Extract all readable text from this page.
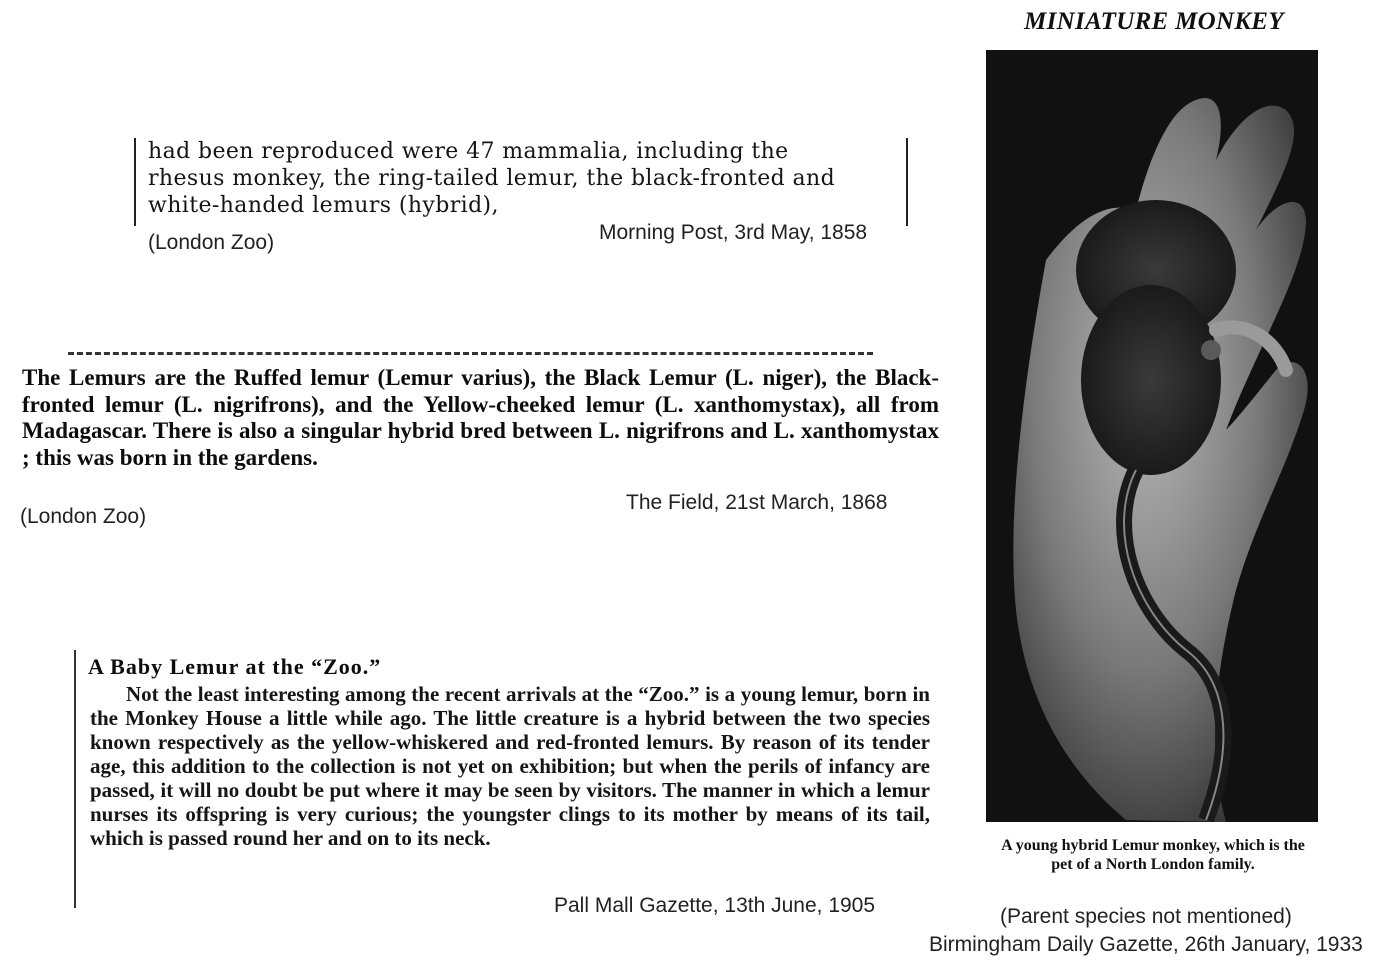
had been reproduced were 47 mammalia, including the
rhesus monkey, the ring-tailed lemur, the black-fronted and
white-handed lemurs (hybrid),
(London Zoo)	Morning Post, 3rd May, 1858
The Lemurs are the Ruffed lemur (Lemur varius), the Black Lemur (L. niger), the Black-fronted lemur (L. nigrifrons), and the Yellow-cheeked lemur (L. xanthomystax), all from Madagascar. There is also a singular hybrid bred between L. nigrifrons and L. xanthomystax ; this was born in the gardens.
(London Zoo)
The Field, 21st March, 1868
A Baby Lemur at the “Zoo.”
Not the least interesting among the recent arrivals at the “Zoo.” is a young lemur, born in the Monkey House a little while ago. The little creature is a hybrid between the two species known respectively as the yellow-whiskered and red-fronted lemurs. By reason of its tender age, this addition to the collection is not yet on exhibition; but when the perils of infancy are passed, it will no doubt be put where it may be seen by visitors. The manner in which a lemur nurses its offspring is very curious; the youngster clings to its mother by means of its tail, which is passed round her and on to its neck.
Pall Mall Gazette, 13th June, 1905
MINIATURE MONKEY
A young hybrid Lemur monkey, which is the pet of a North London family.
(Parent species not mentioned)
Birmingham Daily Gazette, 26th January, 1933
